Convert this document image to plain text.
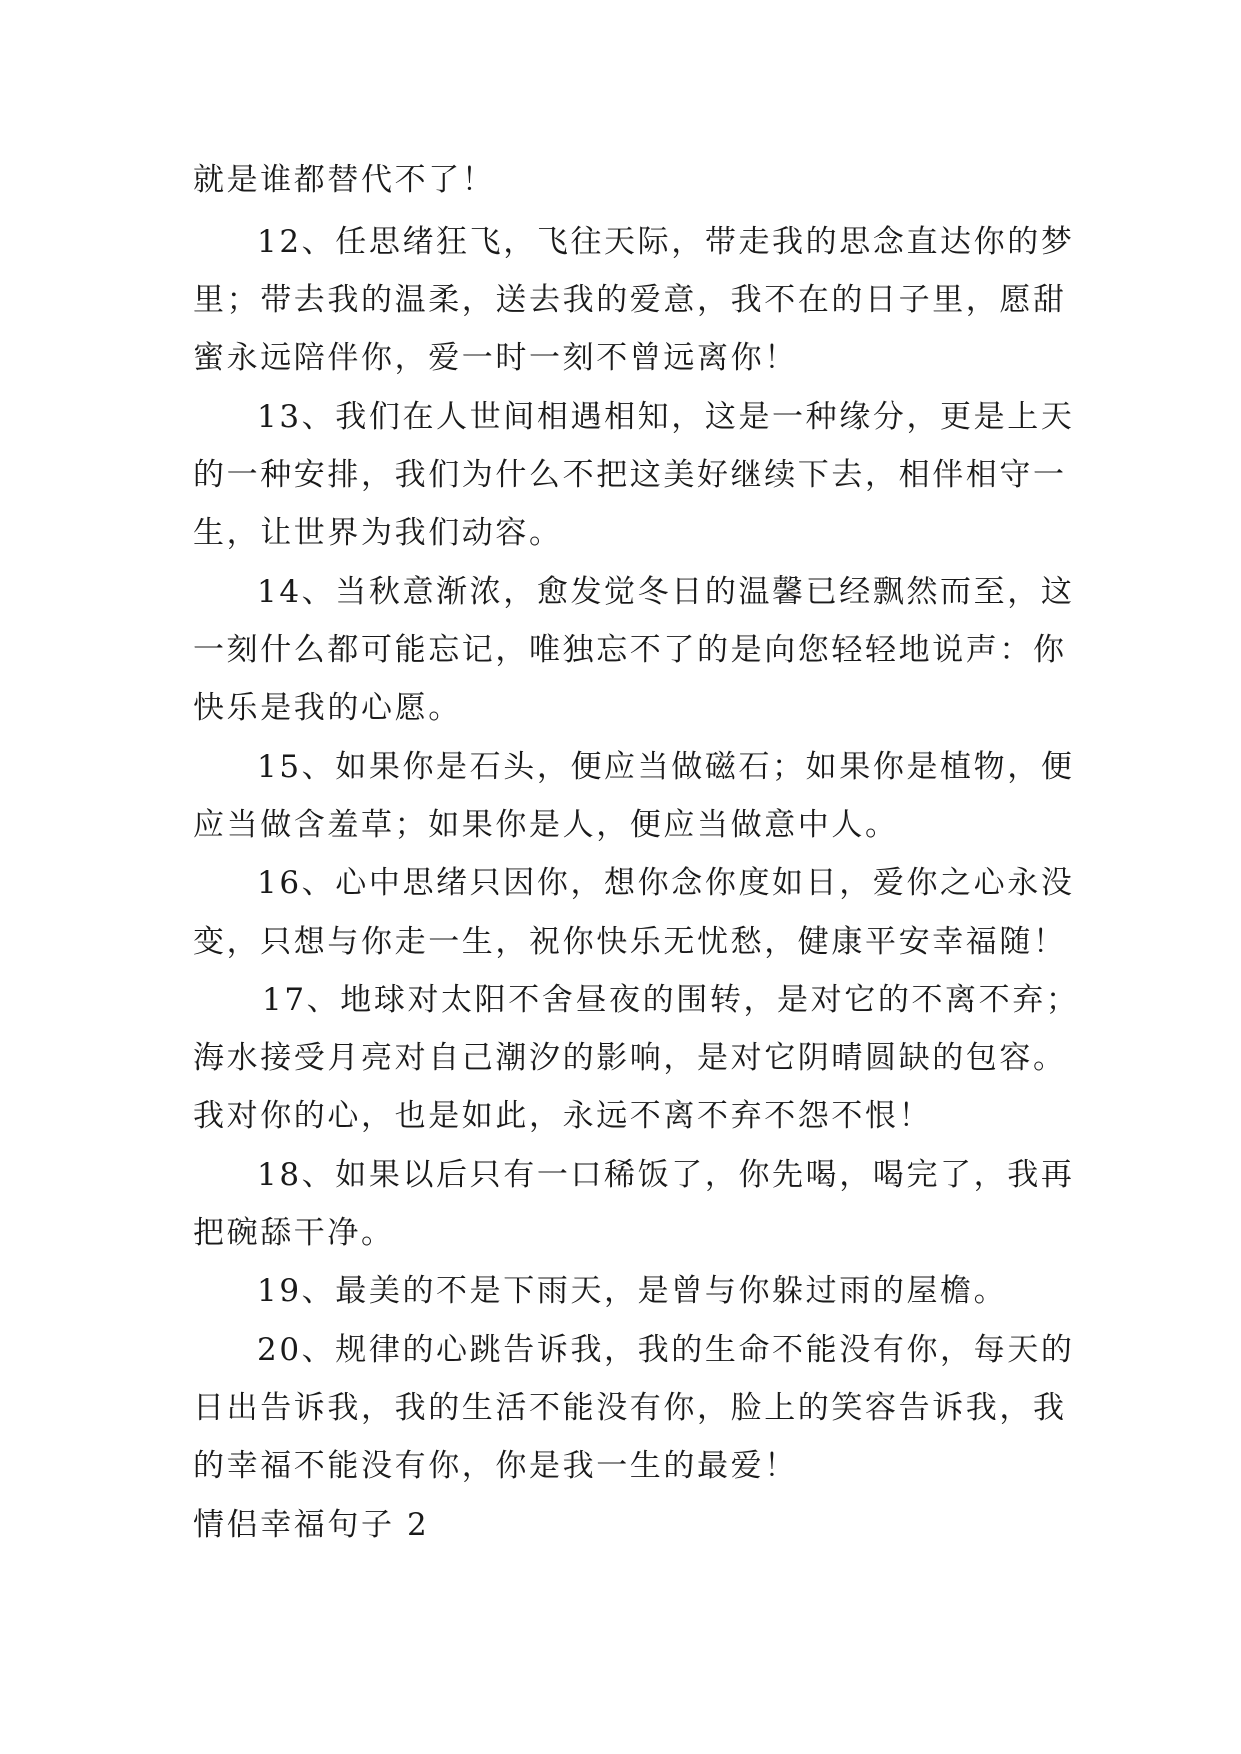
就是谁都替代不了！

12、任思绪狂飞，飞往天际，带走我的思念直达你的梦

里；带去我的温柔，送去我的爱意，我不在的日子里，愿甜

蜜永远陪伴你，爱一时一刻不曾远离你！

13、我们在人世间相遇相知，这是一种缘分，更是上天

的一种安排，我们为什么不把这美好继续下去，相伴相守一

生，让世界为我们动容。

14、当秋意渐浓，愈发觉冬日的温馨已经飘然而至，这

一刻什么都可能忘记，唯独忘不了的是向您轻轻地说声：你

快乐是我的心愿。

15、如果你是石头，便应当做磁石；如果你是植物，便

应当做含羞草；如果你是人，便应当做意中人。

16、心中思绪只因你，想你念你度如日，爱你之心永没

变，只想与你走一生，祝你快乐无忧愁，健康平安幸福随！

17、地球对太阳不舍昼夜的围转，是对它的不离不弃；

海水接受月亮对自己潮汐的影响，是对它阴晴圆缺的包容。

我对你的心，也是如此，永远不离不弃不怨不恨！

18、如果以后只有一口稀饭了，你先喝，喝完了，我再

把碗舔干净。

19、最美的不是下雨天，是曾与你躲过雨的屋檐。

20、规律的心跳告诉我，我的生命不能没有你，每天的

日出告诉我，我的生活不能没有你，脸上的笑容告诉我，我

的幸福不能没有你，你是我一生的最爱！

情侣幸福句子 2
